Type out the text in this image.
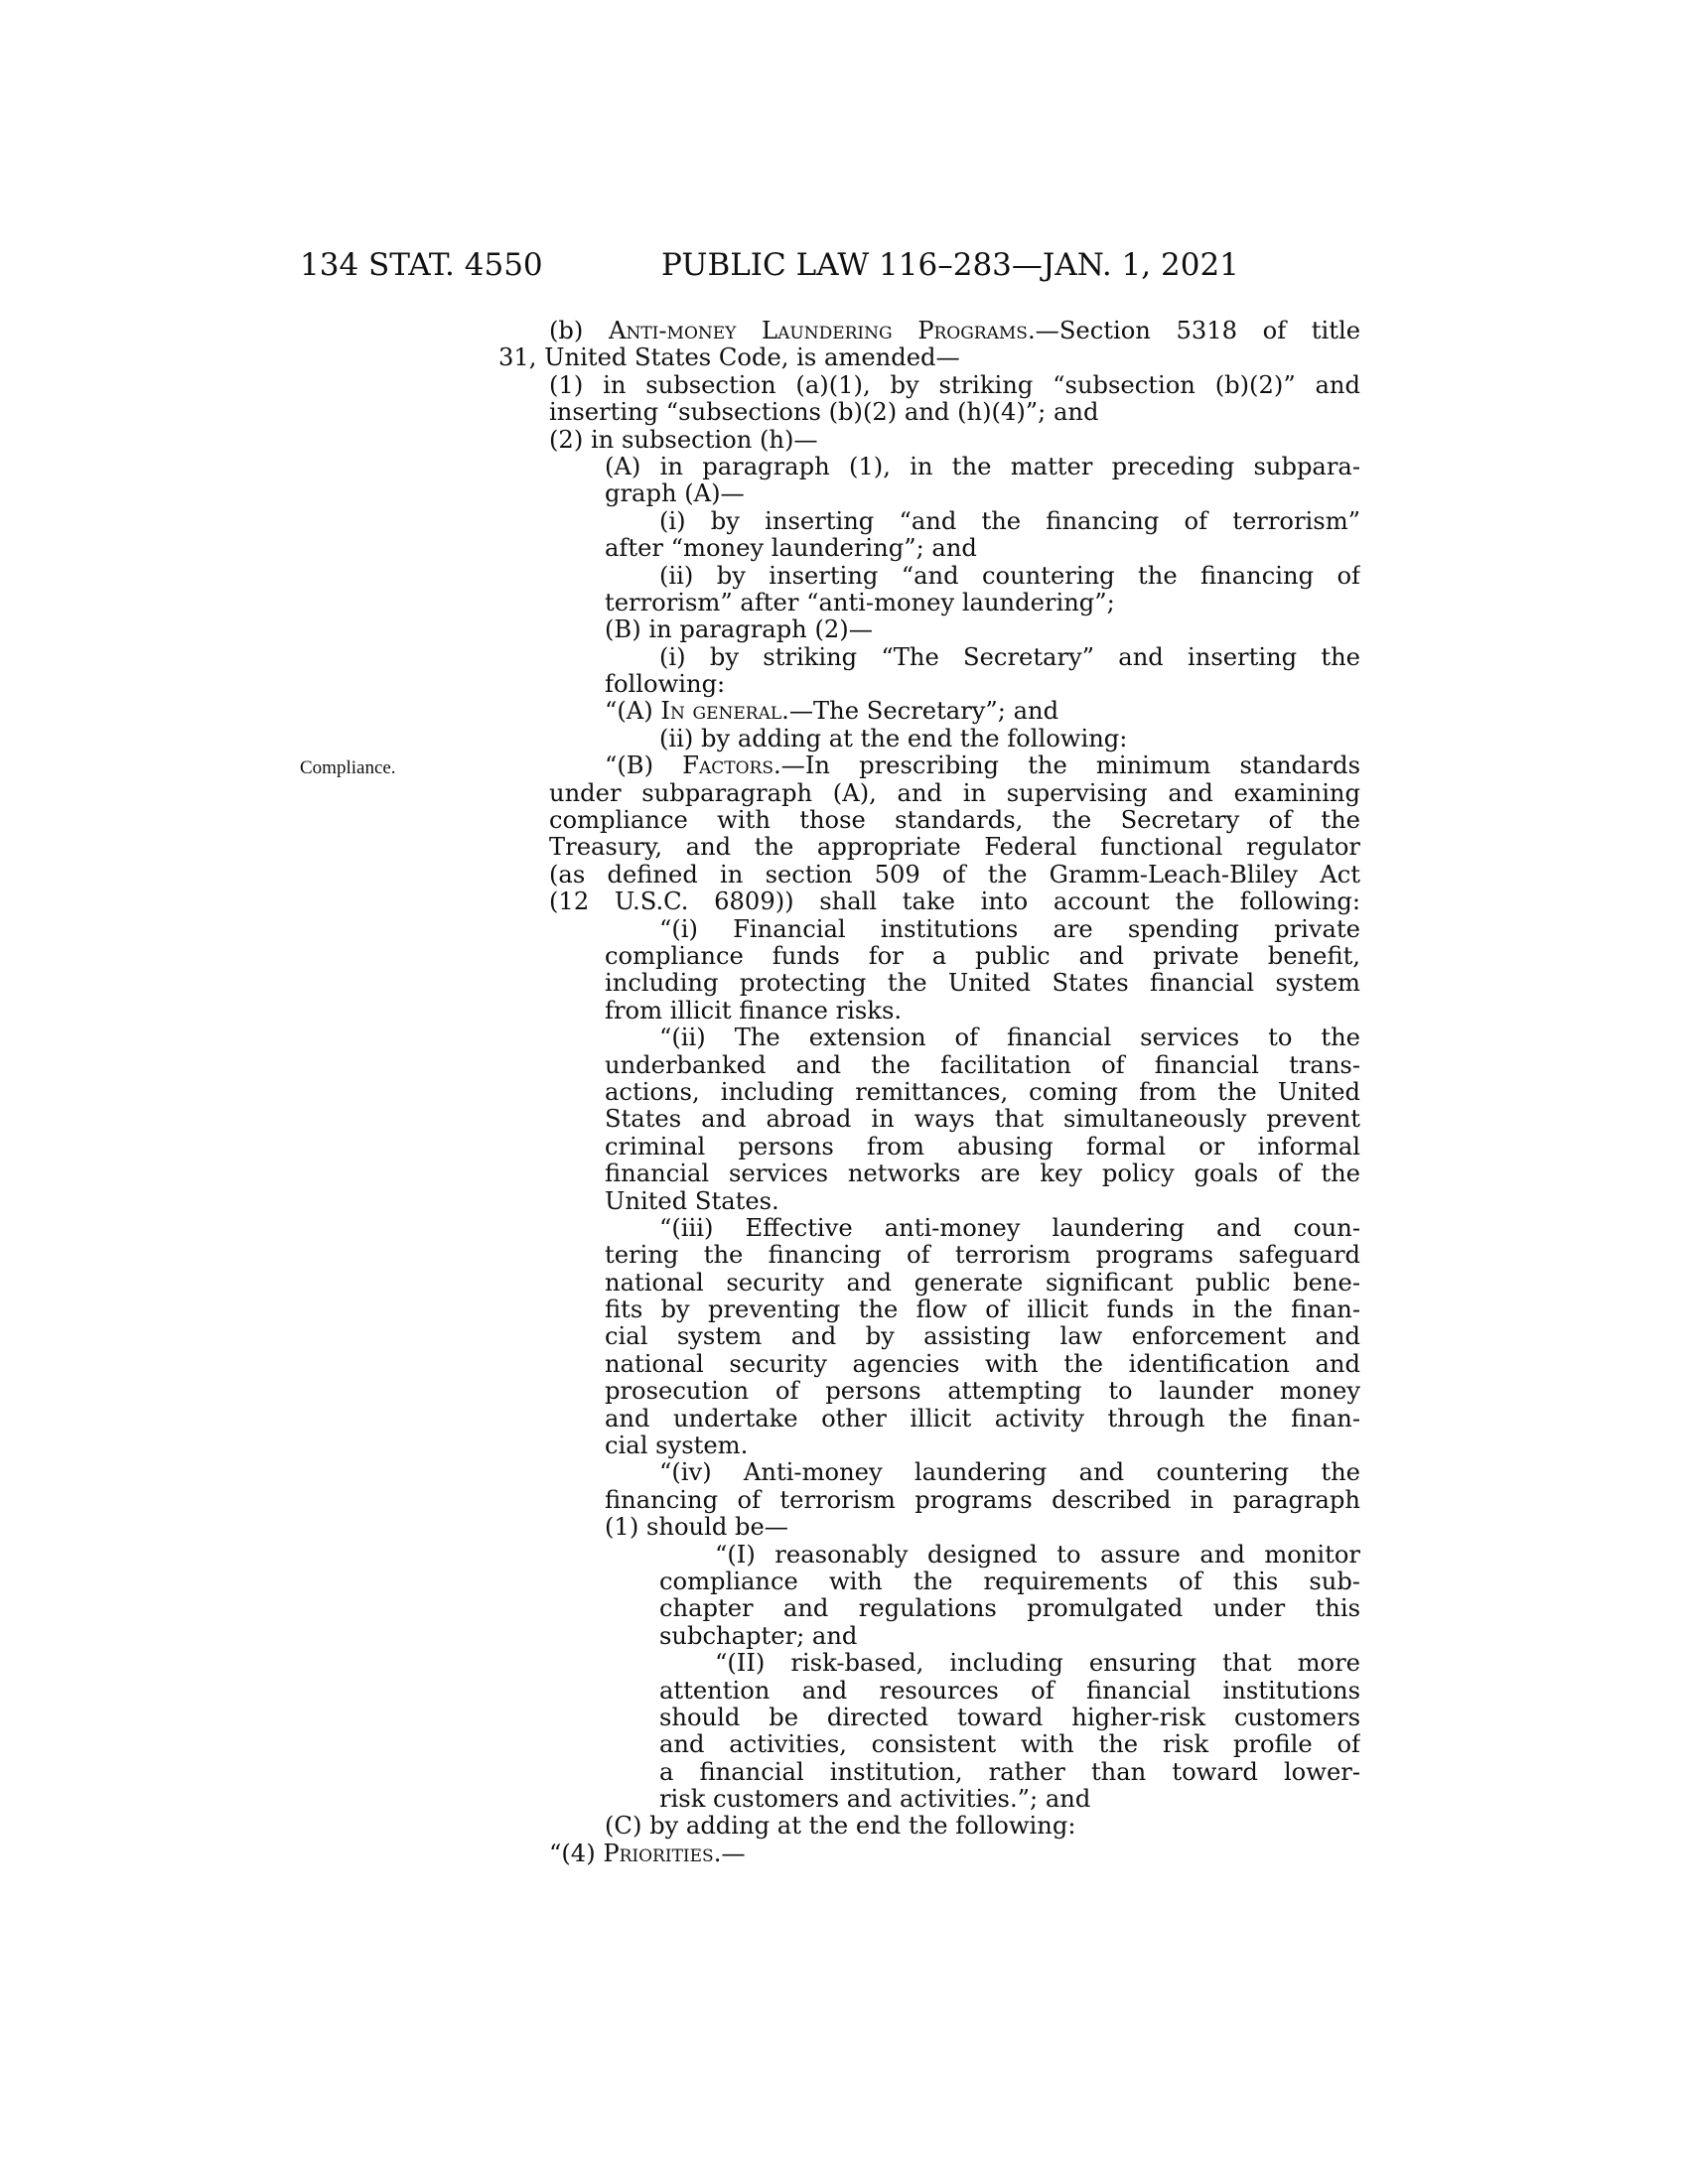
134 STAT. 4550	PUBLIC LAW 116–283—JAN. 1, 2021
Compliance.
(b) Anti-money Laundering Programs.—Section 5318 of title
31, United States Code, is amended—
(1) in subsection (a)(1), by striking “subsection (b)(2)” and
inserting “subsections (b)(2) and (h)(4)”; and
(2) in subsection (h)—
(A) in paragraph (1), in the matter preceding subpara-
graph (A)—
(i) by inserting “and the financing of terrorism”
after “money laundering”; and
(ii) by inserting “and countering the financing of
terrorism” after “anti-money laundering”;
(B) in paragraph (2)—
(i) by striking “The Secretary” and inserting the
following:
“(A) In general.—The Secretary”; and
(ii) by adding at the end the following:
“(B) Factors.—In prescribing the minimum standards
under subparagraph (A), and in supervising and examining
compliance with those standards, the Secretary of the
Treasury, and the appropriate Federal functional regulator
(as defined in section 509 of the Gramm-Leach-Bliley Act
(12 U.S.C. 6809)) shall take into account the following:
“(i) Financial institutions are spending private
compliance funds for a public and private benefit,
including protecting the United States financial system
from illicit finance risks.
“(ii) The extension of financial services to the
underbanked and the facilitation of financial trans-
actions, including remittances, coming from the United
States and abroad in ways that simultaneously prevent
criminal persons from abusing formal or informal
financial services networks are key policy goals of the
United States.
“(iii) Effective anti-money laundering and coun-
tering the financing of terrorism programs safeguard
national security and generate significant public bene-
fits by preventing the flow of illicit funds in the finan-
cial system and by assisting law enforcement and
national security agencies with the identification and
prosecution of persons attempting to launder money
and undertake other illicit activity through the finan-
cial system.
“(iv) Anti-money laundering and countering the
financing of terrorism programs described in paragraph
(1) should be—
“(I) reasonably designed to assure and monitor
compliance with the requirements of this sub-
chapter and regulations promulgated under this
subchapter; and
“(II) risk-based, including ensuring that more
attention and resources of financial institutions
should be directed toward higher-risk customers
and activities, consistent with the risk profile of
a financial institution, rather than toward lower-
risk customers and activities.”; and
(C) by adding at the end the following:
“(4) Priorities.—
